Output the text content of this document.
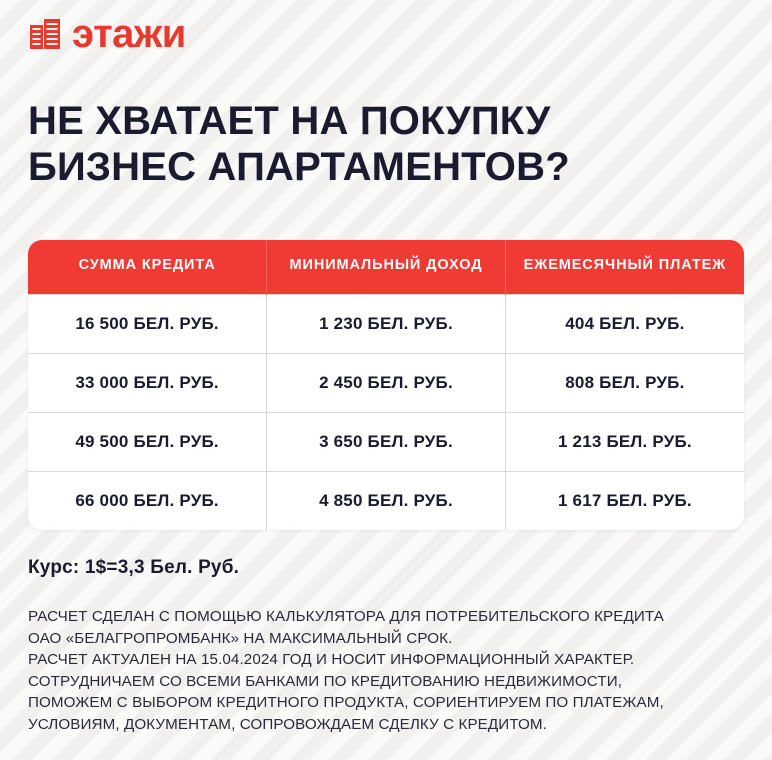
этажи
НЕ ХВАТАЕТ НА ПОКУПКУ
БИЗНЕС АПАРТАМЕНТОВ?
СУММА КРЕДИТА	МИНИМАЛЬНЫЙ ДОХОД	ЕЖЕМЕСЯЧНЫЙ ПЛАТЕЖ
16 500 БЕЛ. РУБ.	1 230 БЕЛ. РУБ.	404 БЕЛ. РУБ.
33 000 БЕЛ. РУБ.	2 450 БЕЛ. РУБ.	808 БЕЛ. РУБ.
49 500 БЕЛ. РУБ.	3 650 БЕЛ. РУБ.	1 213 БЕЛ. РУБ.
66 000 БЕЛ. РУБ.	4 850 БЕЛ. РУБ.	1 617 БЕЛ. РУБ.
Курс: 1$=3,3 Бел. Руб.

РАСЧЕТ СДЕЛАН С ПОМОЩЬЮ КАЛЬКУЛЯТОРА ДЛЯ ПОТРЕБИТЕЛЬСКОГО КРЕДИТА

ОАО «БЕЛАГРОПРОМБАНК» НА МАКСИМАЛЬНЫЙ СРОК.

РАСЧЕТ АКТУАЛЕН НА 15.04.2024 ГОД И НОСИТ ИНФОРМАЦИОННЫЙ ХАРАКТЕР.

СОТРУДНИЧАЕМ СО ВСЕМИ БАНКАМИ ПО КРЕДИТОВАНИЮ НЕДВИЖИМОСТИ,

ПОМОЖЕМ С ВЫБОРОМ КРЕДИТНОГО ПРОДУКТА, СОРИЕНТИРУЕМ ПО ПЛАТЕЖАМ,

УСЛОВИЯМ, ДОКУМЕНТАМ, СОПРОВОЖДАЕМ СДЕЛКУ С КРЕДИТОМ.
